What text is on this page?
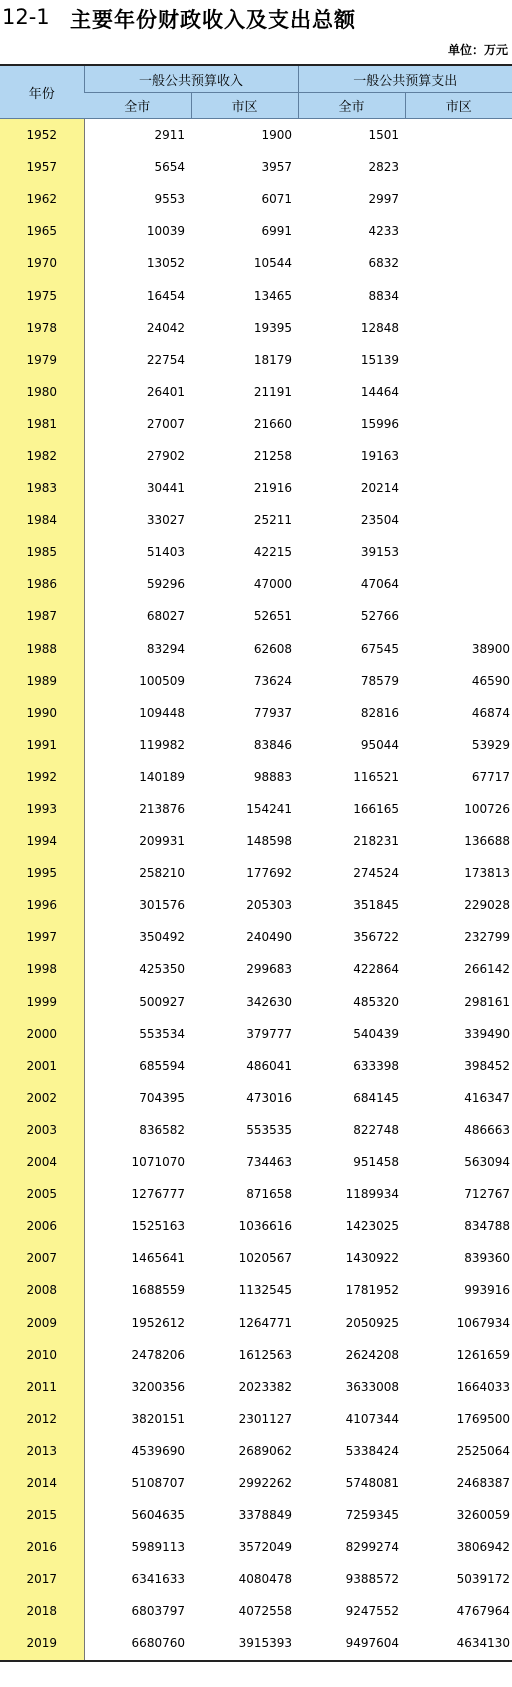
12-1 主要年份财政收入及支出总额
单位：万元
年份	一般公共预算收入		一般公共预算支出	
	全市	市区	全市	市区
1952	2911	1900	1501	
1957	5654	3957	2823	
1962	9553	6071	2997	
1965	10039	6991	4233	
1970	13052	10544	6832	
1975	16454	13465	8834	
1978	24042	19395	12848	
1979	22754	18179	15139	
1980	26401	21191	14464	
1981	27007	21660	15996	
1982	27902	21258	19163	
1983	30441	21916	20214	
1984	33027	25211	23504	
1985	51403	42215	39153	
1986	59296	47000	47064	
1987	68027	52651	52766	
1988	83294	62608	67545	38900
1989	100509	73624	78579	46590
1990	109448	77937	82816	46874
1991	119982	83846	95044	53929
1992	140189	98883	116521	67717
1993	213876	154241	166165	100726
1994	209931	148598	218231	136688
1995	258210	177692	274524	173813
1996	301576	205303	351845	229028
1997	350492	240490	356722	232799
1998	425350	299683	422864	266142
1999	500927	342630	485320	298161
2000	553534	379777	540439	339490
2001	685594	486041	633398	398452
2002	704395	473016	684145	416347
2003	836582	553535	822748	486663
2004	1071070	734463	951458	563094
2005	1276777	871658	1189934	712767
2006	1525163	1036616	1423025	834788
2007	1465641	1020567	1430922	839360
2008	1688559	1132545	1781952	993916
2009	1952612	1264771	2050925	1067934
2010	2478206	1612563	2624208	1261659
2011	3200356	2023382	3633008	1664033
2012	3820151	2301127	4107344	1769500
2013	4539690	2689062	5338424	2525064
2014	5108707	2992262	5748081	2468387
2015	5604635	3378849	7259345	3260059
2016	5989113	3572049	8299274	3806942
2017	6341633	4080478	9388572	5039172
2018	6803797	4072558	9247552	4767964
2019	6680760	3915393	9497604	4634130
